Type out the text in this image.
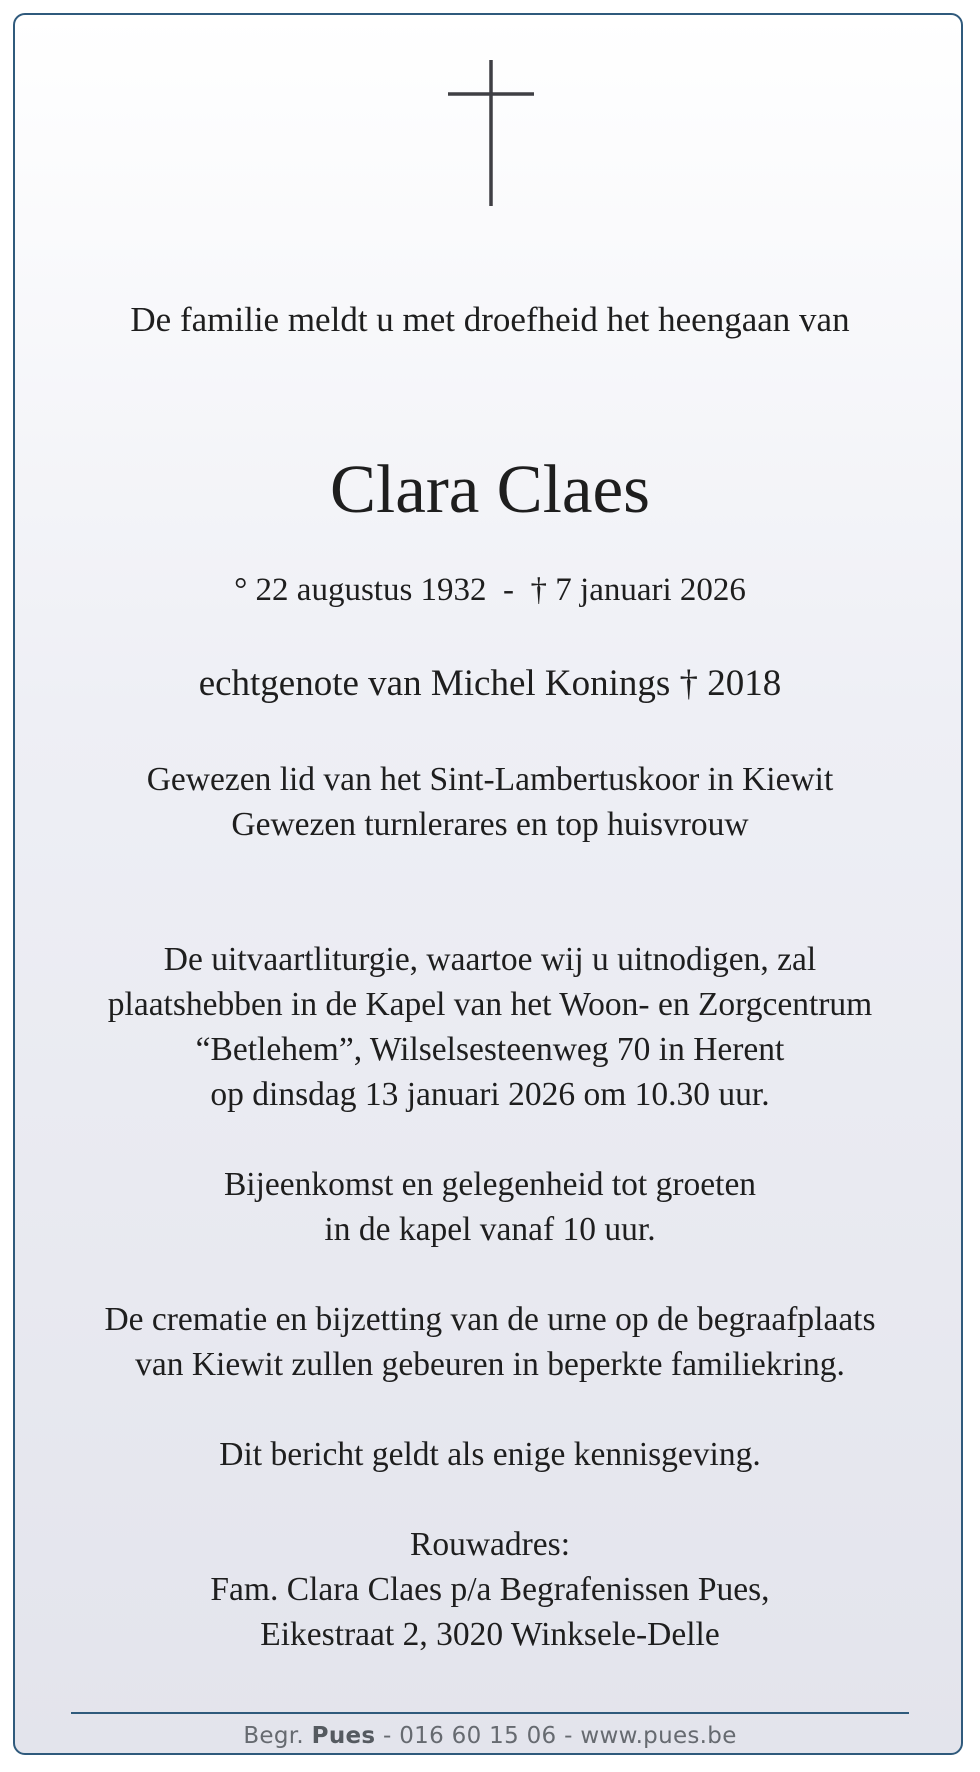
De familie meldt u met droefheid het heengaan van
Clara Claes
° 22 augustus 1932  -  † 7 januari 2026
echtgenote van Michel Konings † 2018
Gewezen lid van het Sint-Lambertuskoor in Kiewit
Gewezen turnlerares en top huisvrouw
De uitvaartliturgie, waartoe wij u uitnodigen, zal
plaatshebben in de Kapel van het Woon- en Zorgcentrum
“Betlehem”, Wilselsesteenweg 70 in Herent
op dinsdag 13 januari 2026 om 10.30 uur.
Bijeenkomst en gelegenheid tot groeten
in de kapel vanaf 10 uur.
De crematie en bijzetting van de urne op de begraafplaats
van Kiewit zullen gebeuren in beperkte familiekring.
Dit bericht geldt als enige kennisgeving.
Rouwadres:
Fam. Clara Claes p/a Begrafenissen Pues,
Eikestraat 2, 3020 Winksele-Delle
Begr. Pues - 016 60 15 06 - www.pues.be
